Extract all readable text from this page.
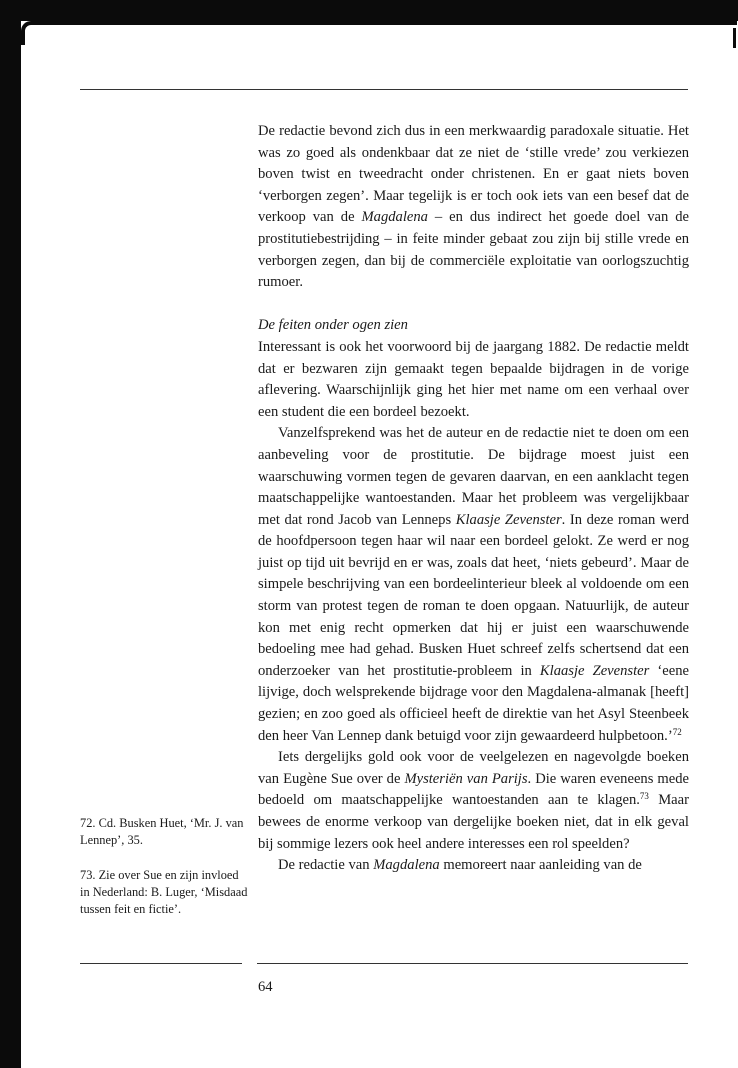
De redactie bevond zich dus in een merkwaardig paradoxale situatie. Het was zo goed als ondenkbaar dat ze niet de ‘stille vrede’ zou verkiezen boven twist en tweedracht onder christenen. En er gaat niets boven ‘verborgen zegen’. Maar tegelijk is er toch ook iets van een besef dat de verkoop van de Magdalena – en dus indirect het goede doel van de prostitutiebestrijding – in feite minder gebaat zou zijn bij stille vrede en verborgen zegen, dan bij de commerciële exploitatie van oorlogszuchtig rumoer.

De feiten onder ogen zien
Interessant is ook het voorwoord bij de jaargang 1882. De redactie meldt dat er bezwaren zijn gemaakt tegen bepaalde bijdragen in de vorige aflevering. Waarschijnlijk ging het hier met name om een verhaal over een student die een bordeel bezoekt.

Vanzelfsprekend was het de auteur en de redactie niet te doen om een aanbeveling voor de prostitutie. De bijdrage moest juist een waarschuwing vormen tegen de gevaren daarvan, en een aanklacht tegen maatschappelijke wantoestanden. Maar het probleem was vergelijkbaar met dat rond Jacob van Lenneps Klaasje Zevenster. In deze roman werd de hoofdpersoon tegen haar wil naar een bordeel gelokt. Ze werd er nog juist op tijd uit bevrijd en er was, zoals dat heet, ‘niets gebeurd’. Maar de simpele beschrijving van een bordeelinterieur bleek al voldoende om een storm van protest tegen de roman te doen opgaan. Natuurlijk, de auteur kon met enig recht opmerken dat hij er juist een waarschuwende bedoeling mee had gehad. Busken Huet schreef zelfs schertsend dat een onderzoeker van het prostitutie-probleem in Klaasje Zevenster ‘eene lijvige, doch welsprekende bijdrage voor den Magdalena-almanak [heeft] gezien; en zoo goed als officieel heeft de direktie van het Asyl Steenbeek den heer Van Lennep dank betuigd voor zijn gewaardeerd hulpbetoon.’$^{72}$

Iets dergelijks gold ook voor de veelgelezen en nagevolgde boeken van Eugène Sue over de Mysteriën van Parijs. Die waren eveneens mede bedoeld om maatschappelijke wantoestanden aan te klagen.$^{73}$ Maar bewees de enorme verkoop van dergelijke boeken niet, dat in elk geval bij sommige lezers ook heel andere interesses een rol speelden?

De redactie van Magdalena memoreert naar aanleiding van de

72. Cd. Busken Huet, ‘Mr. J. van Lennep’, 35.

73. Zie over Sue en zijn invloed in Nederland: B. Luger, ‘Misdaad tussen feit en fictie’.

64
